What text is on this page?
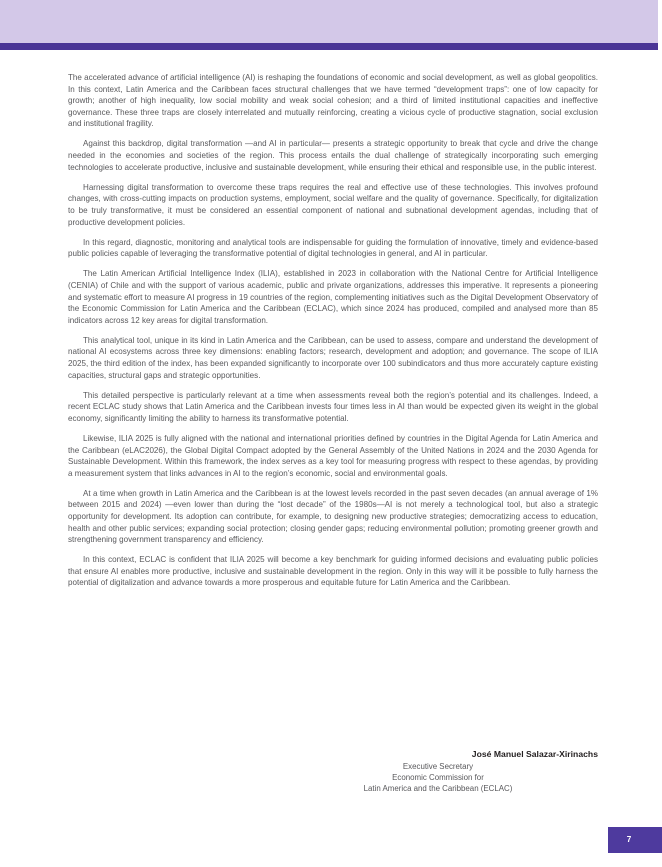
The accelerated advance of artificial intelligence (AI) is reshaping the foundations of economic and social development, as well as global geopolitics. In this context, Latin America and the Caribbean faces structural challenges that we have termed “development traps”: one of low capacity for growth; another of high inequality, low social mobility and weak social cohesion; and a third of limited institutional capacities and ineffective governance. These three traps are closely interrelated and mutually reinforcing, creating a vicious cycle of productive stagnation, social exclusion and institutional fragility.

Against this backdrop, digital transformation —and AI in particular— presents a strategic opportunity to break that cycle and drive the change needed in the economies and societies of the region. This process entails the dual challenge of strategically incorporating such emerging technologies to accelerate productive, inclusive and sustainable development, while ensuring their ethical and responsible use, in the public interest.

Harnessing digital transformation to overcome these traps requires the real and effective use of these technologies. This involves profound changes, with cross-cutting impacts on production systems, employment, social welfare and the quality of governance. Specifically, for digitalization to be truly transformative, it must be considered an essential component of national and subnational development agendas, including that of productive development policies.

In this regard, diagnostic, monitoring and analytical tools are indispensable for guiding the formulation of innovative, timely and evidence-based public policies capable of leveraging the transformative potential of digital technologies in general, and AI in particular.

The Latin American Artificial Intelligence Index (ILIA), established in 2023 in collaboration with the National Centre for Artificial Intelligence (CENIA) of Chile and with the support of various academic, public and private organizations, addresses this imperative. It represents a pioneering and systematic effort to measure AI progress in 19 countries of the region, complementing initiatives such as the Digital Development Observatory of the Economic Commission for Latin America and the Caribbean (ECLAC), which since 2024 has produced, compiled and analysed more than 85 indicators across 12 key areas for digital transformation.

This analytical tool, unique in its kind in Latin America and the Caribbean, can be used to assess, compare and understand the development of national AI ecosystems across three key dimensions: enabling factors; research, development and adoption; and governance. The scope of ILIA 2025, the third edition of the index, has been expanded significantly to incorporate over 100 subindicators and thus more accurately capture existing capacities, structural gaps and strategic opportunities.

This detailed perspective is particularly relevant at a time when assessments reveal both the region’s potential and its challenges. Indeed, a recent ECLAC study shows that Latin America and the Caribbean invests four times less in AI than would be expected given its weight in the global economy, significantly limiting the ability to harness its transformative potential.

Likewise, ILIA 2025 is fully aligned with the national and international priorities defined by countries in the Digital Agenda for Latin America and the Caribbean (eLAC2026), the Global Digital Compact adopted by the General Assembly of the United Nations in 2024 and the 2030 Agenda for Sustainable Development. Within this framework, the index serves as a key tool for measuring progress with respect to these agendas, by providing a measurement system that links advances in AI to the region’s economic, social and environmental goals.

At a time when growth in Latin America and the Caribbean is at the lowest levels recorded in the past seven decades (an annual average of 1% between 2015 and 2024) —even lower than during the “lost decade” of the 1980s—AI is not merely a technological tool, but also a strategic opportunity for development. Its adoption can contribute, for example, to designing new productive strategies; democratizing access to education, health and other public services; expanding social protection; closing gender gaps; reducing environmental pollution; promoting greener growth and strengthening government transparency and efficiency.

In this context, ECLAC is confident that ILIA 2025 will become a key benchmark for guiding informed decisions and evaluating public policies that ensure AI enables more productive, inclusive and sustainable development in the region. Only in this way will it be possible to fully harness the potential of digitalization and advance towards a more prosperous and equitable future for Latin America and the Caribbean.

José Manuel Salazar-Xirinachs
Executive Secretary
Economic Commission for
Latin America and the Caribbean (ECLAC)
7
